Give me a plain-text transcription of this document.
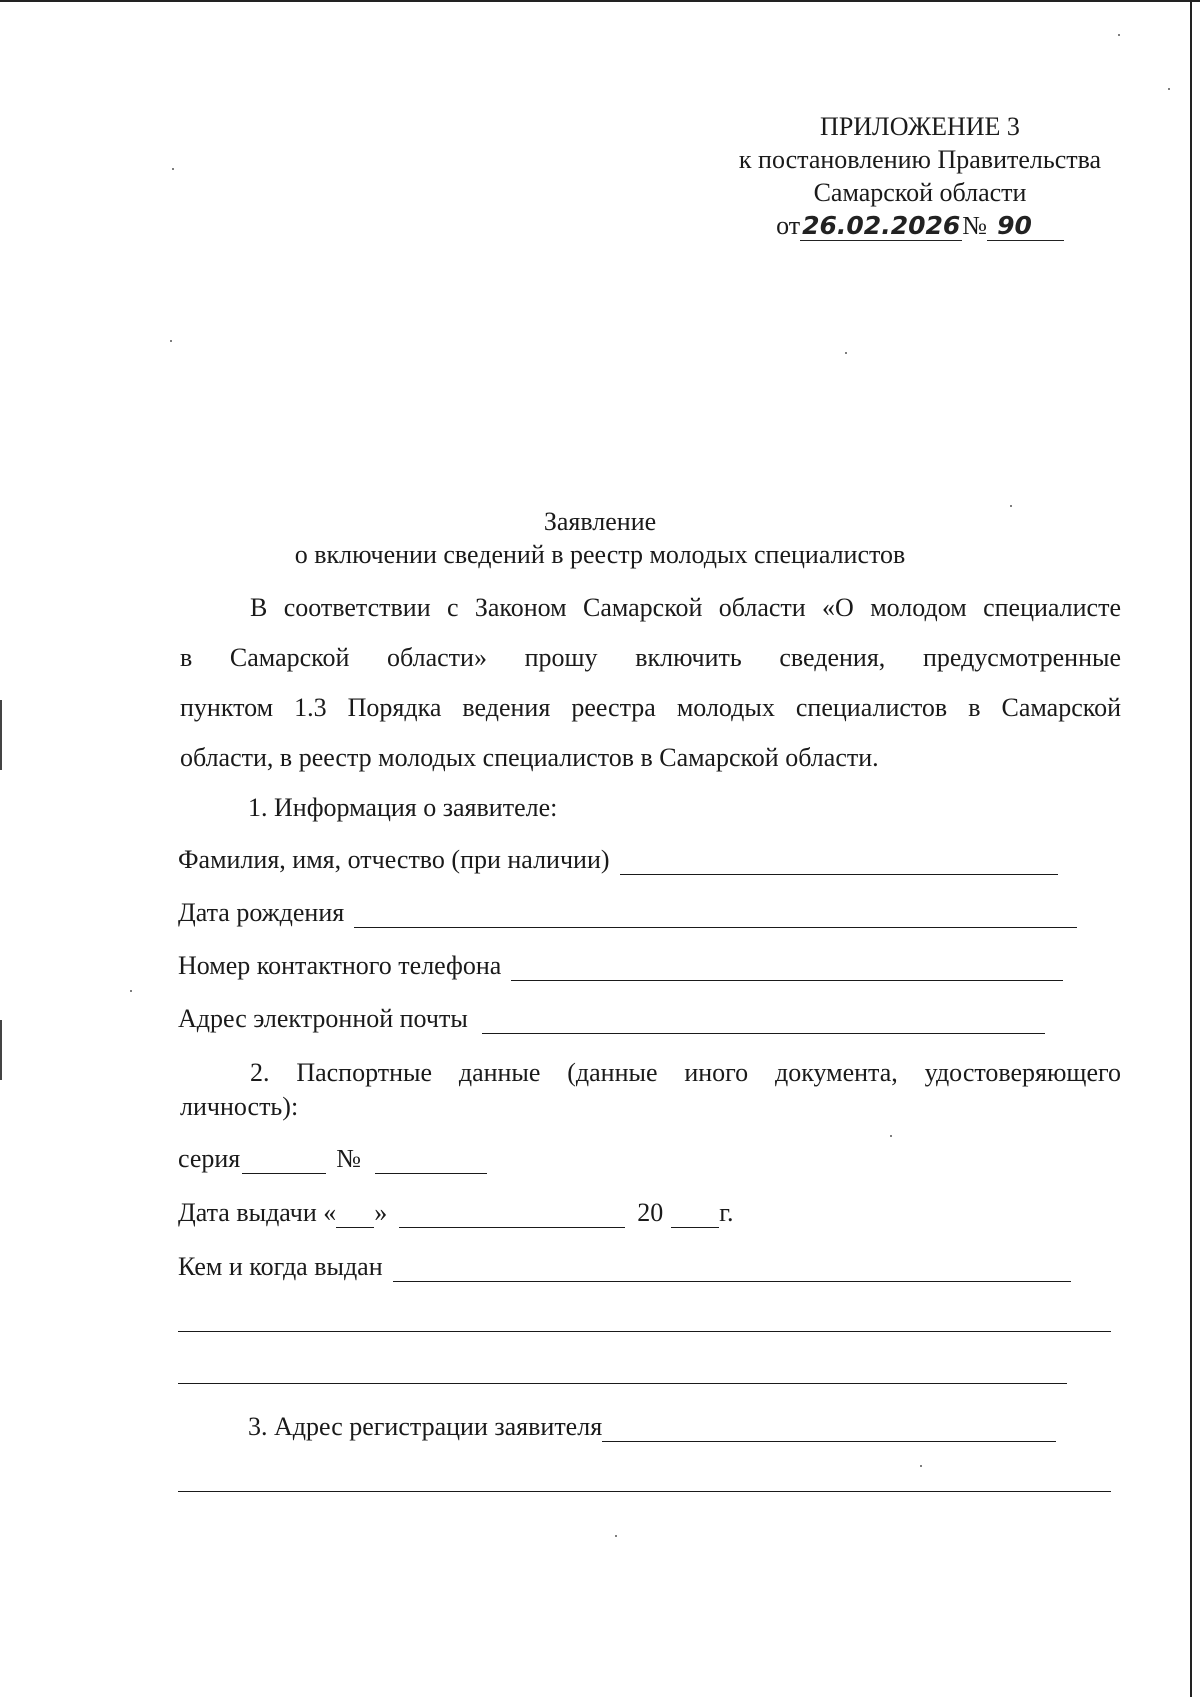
ПРИЛОЖЕНИЕ 3
к постановлению Правительства
Самарской области
от26.02.2026№ 90
Заявление
о включении сведений в реестр молодых специалистов
В соответствии с Законом Самарской области «О молодом специалисте
в Самарской области» прошу включить сведения, предусмотренные
пунктом 1.3 Порядка ведения реестра молодых специалистов в Самарской
области, в реестр молодых специалистов в Самарской области.
1. Информация о заявителе:
Фамилия, имя, отчество (при наличии)
Дата рождения
Номер контактного телефона
Адрес электронной почты
2. Паспортные данные (данные иного документа, удостоверяющего
личность):
серия	№
Дата выдачи « »	20 г.
Кем и когда выдан
3. Адрес регистрации заявителя
